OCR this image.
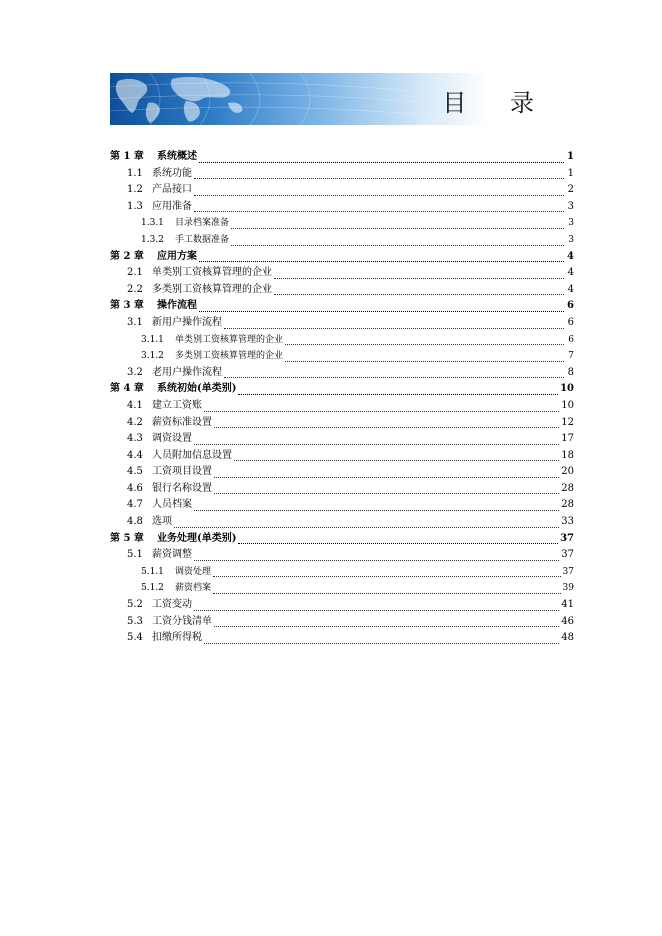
目 录
第 1 章	系统概述	1
1.1 系统功能	1
1.2 产品接口	2
1.3 应用准备	3
1.3.1	目录档案准备	3
1.3.2	手工数据准备	3
第 2 章	应用方案	4
2.1 单类别工资核算管理的企业	4
2.2 多类别工资核算管理的企业	4
第 3 章	操作流程	6
3.1 新用户操作流程	6
3.1.1	单类别工资核算管理的企业	6
3.1.2	多类别工资核算管理的企业	7
3.2 老用户操作流程	8
第 4 章	系统初始(单类别)	10
4.1 建立工资账	10
4.2 薪资标准设置	12
4.3 调资设置	17
4.4 人员附加信息设置	18
4.5 工资项目设置	20
4.6 银行名称设置	28
4.7 人员档案	28
4.8 选项	33
第 5 章	业务处理(单类别)	37
5.1 薪资调整	37
5.1.1	调资处理	37
5.1.2	薪资档案	39
5.2 工资变动	41
5.3 工资分钱清单	46
5.4 扣缴所得税	48
